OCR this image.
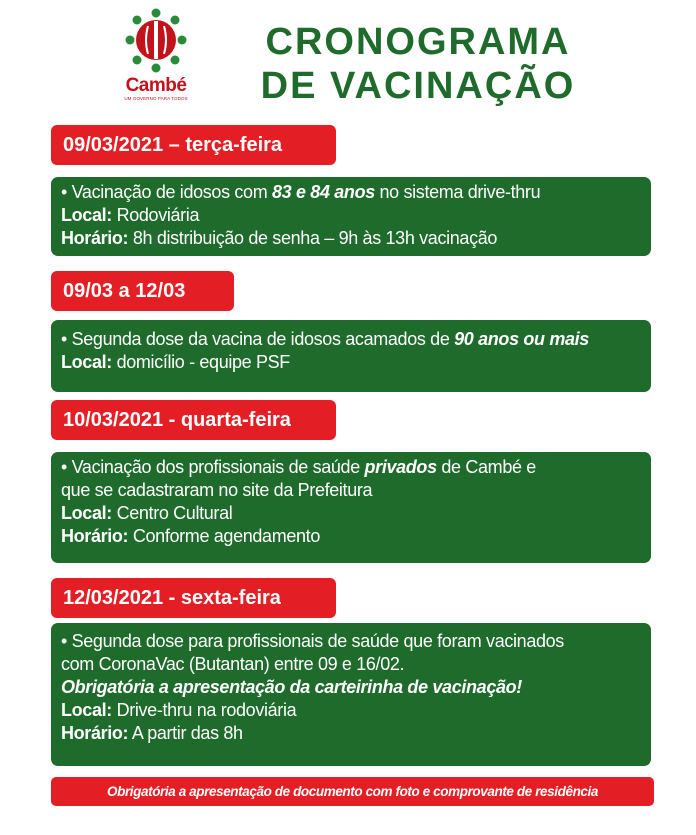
Cambé
UM GOVERNO PARA TODOS
CRONOGRAMA
DE VACINAÇÃO
09/03/2021 – terça-feira
• Vacinação de idosos com 83 e 84 anos no sistema drive-thru
Local: Rodoviária
Horário: 8h distribuição de senha – 9h às 13h vacinação
09/03 a 12/03
• Segunda dose da vacina de idosos acamados de 90 anos ou mais
Local: domicílio - equipe PSF
10/03/2021 - quarta-feira
• Vacinação dos profissionais de saúde privados de Cambé e
que se cadastraram no site da Prefeitura
Local: Centro Cultural
Horário: Conforme agendamento
12/03/2021 - sexta-feira
• Segunda dose para profissionais de saúde que foram vacinados
com CoronaVac (Butantan) entre 09 e 16/02.
Obrigatória a apresentação da carteirinha de vacinação!
Local: Drive-thru na rodoviária
Horário: A partir das 8h
Obrigatória a apresentação de documento com foto e comprovante de residência
